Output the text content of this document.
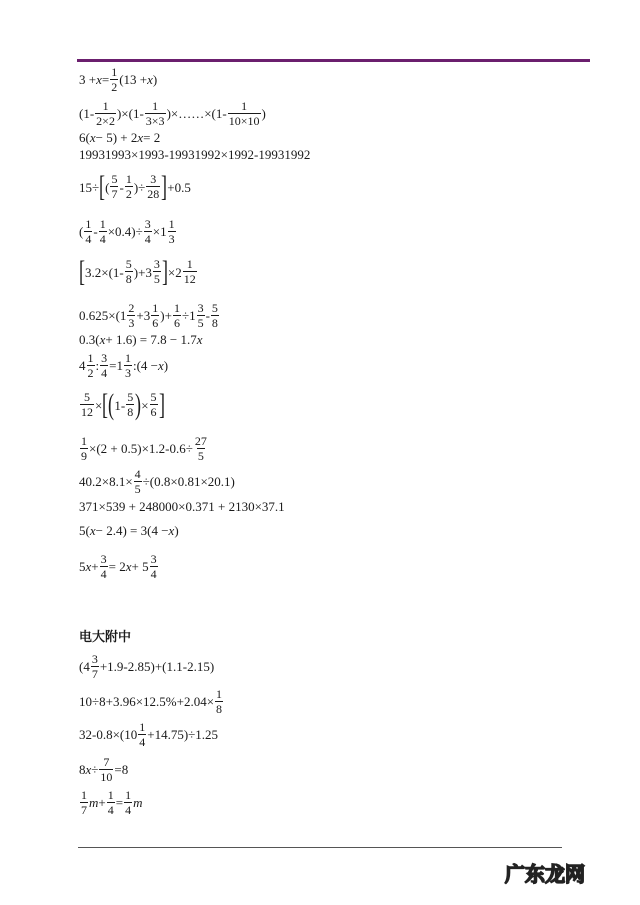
$3 + x = \frac{1}{2} (13 + x$ )
$(1- \frac{1}{2\times 2} )\times(1- \frac{1}{3\times 3}$ )×……×(1- $\frac{1}{10\times 10}$ )
6( x − 5) + 2 x = 2
19931993×1993-19931992×1992-19931992
15÷ [ ( $\frac{5}{7} - \frac{1}{2}$ )÷ $\frac{3}{28}$ ] +0.5
( $\frac{1}{4} - \frac{1}{4} \times 0.4)\div \frac{3}{4} \times 1 \frac{1}{3}$
[ $3.2\times(1- \frac{5}{8} )+3 \frac{3}{5}$ ] $\times 2 \frac{1}{12}$
$0.625\times(1 \frac{2}{3} +3 \frac{1}{6}$ )+ $\frac{1}{6} \div 1 \frac{3}{5} - \frac{5}{8}$
0.3( x + 1.6) = 7.8 − 1.7 x
$4 \frac{1}{2}$ : $\frac{3}{4} =1 \frac{1}{3}$ :(4 − x )
$\frac{5}{12}$ × [ ( $1- \frac{5}{8}$ ) × $\frac{5}{6}$ ]
$\frac{1}{9} \times(2 + 0.5)\times 1.2-0.6\div \frac{27}{5}$
$40.2\times 8.1\times \frac{4}{5} \div(0.8\times 0.81\times 20.1)$
371×539 + 248000×0.371 + 2130×37.1
5( x − 2.4) = 3(4 − x )
5 $x + \frac{3}{4} = 2$ $x + 5 \frac{3}{4}$
电大附中
$(4 \frac{3}{7} +1.9-2.85)+(1.1-2.15)$
$10\div 8+3.96\times 12.5\%+2.04\times \frac{1}{8}$
$32-0.8\times(10 \frac{1}{4} +14.75)\div 1.25$
8 $x \div \frac{7}{10} =8$
$\frac{1}{7}$ $m + \frac{1}{4} = \frac{1}{4}$ m
广东龙网
